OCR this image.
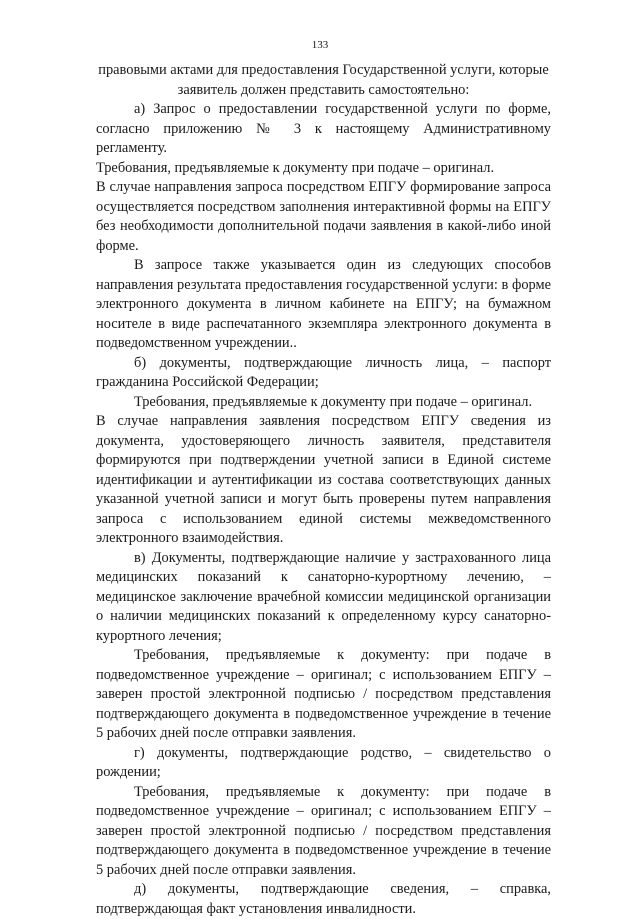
133

правовыми актами для предоставления Государственной услуги, которые заявитель должен представить самостоятельно:

а) Запрос о предоставлении государственной услуги по форме, согласно приложению № 3 к настоящему Административному регламенту.

Требования, предъявляемые к документу при подаче – оригинал.

В случае направления запроса посредством ЕПГУ формирование запроса осуществляется посредством заполнения интерактивной формы на ЕПГУ без необходимости дополнительной подачи заявления в какой-либо иной форме.

В запросе также указывается один из следующих способов направления результата предоставления государственной услуги: в форме электронного документа в личном кабинете на ЕПГУ; на бумажном носителе в виде распечатанного экземпляра электронного документа в подведомственном учреждении..

б) документы, подтверждающие личность лица, – паспорт гражданина Российской Федерации;

Требования, предъявляемые к документу при подаче – оригинал.

В случае направления заявления посредством ЕПГУ сведения из документа, удостоверяющего личность заявителя, представителя формируются при подтверждении учетной записи в Единой системе идентификации и аутентификации из состава соответствующих данных указанной учетной записи и могут быть проверены путем направления запроса с использованием единой системы межведомственного электронного взаимодействия.

в) Документы, подтверждающие наличие у застрахованного лица медицинских показаний к санаторно-курортному лечению, – медицинское заключение врачебной комиссии медицинской организации о наличии медицинских показаний к определенному курсу санаторно-курортного лечения;

Требования, предъявляемые к документу: при подаче в подведомственное учреждение – оригинал; с использованием ЕПГУ – заверен простой электронной подписью / посредством представления подтверждающего документа в подведомственное учреждение в течение 5 рабочих дней после отправки заявления.

г) документы, подтверждающие родство, – свидетельство о рождении;

Требования, предъявляемые к документу: при подаче в подведомственное учреждение – оригинал; с использованием ЕПГУ – заверен простой электронной подписью / посредством представления подтверждающего документа в подведомственное учреждение в течение 5 рабочих дней после отправки заявления.

д) документы, подтверждающие сведения, – справка, подтверждающая факт установления инвалидности.
